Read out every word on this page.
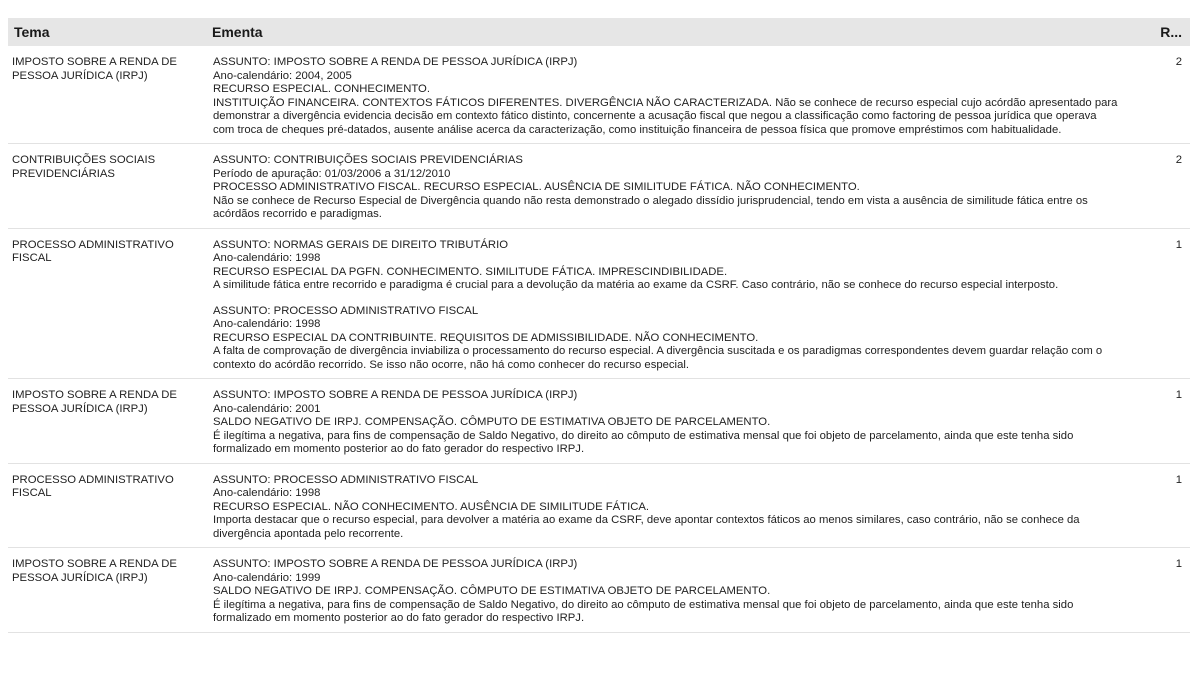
Tema	Ementa	R...
IMPOSTO SOBRE A RENDA DE PESSOA JURÍDICA (IRPJ)
ASSUNTO: IMPOSTO SOBRE A RENDA DE PESSOA JURÍDICA (IRPJ)
Ano-calendário: 2004, 2005
RECURSO ESPECIAL. CONHECIMENTO.
INSTITUIÇÃO FINANCEIRA. CONTEXTOS FÁTICOS DIFERENTES. DIVERGÊNCIA NÃO CARACTERIZADA. Não se conhece de recurso especial cujo acórdão apresentado para demonstrar a divergência evidencia decisão em contexto fático distinto, concernente a acusação fiscal que negou a classificação como factoring de pessoa jurídica que operava com troca de cheques pré-datados, ausente análise acerca da caracterização, como instituição financeira de pessoa física que promove empréstimos com habitualidade.
2
CONTRIBUIÇÕES SOCIAIS PREVIDENCIÁRIAS
ASSUNTO: CONTRIBUIÇÕES SOCIAIS PREVIDENCIÁRIAS
Período de apuração: 01/03/2006 a 31/12/2010
PROCESSO ADMINISTRATIVO FISCAL. RECURSO ESPECIAL. AUSÊNCIA DE SIMILITUDE FÁTICA. NÃO CONHECIMENTO.
Não se conhece de Recurso Especial de Divergência quando não resta demonstrado o alegado dissídio jurisprudencial, tendo em vista a ausência de similitude fática entre os acórdãos recorrido e paradigmas.
2
PROCESSO ADMINISTRATIVO FISCAL
ASSUNTO: NORMAS GERAIS DE DIREITO TRIBUTÁRIO
Ano-calendário: 1998
RECURSO ESPECIAL DA PGFN. CONHECIMENTO. SIMILITUDE FÁTICA. IMPRESCINDIBILIDADE.
A similitude fática entre recorrido e paradigma é crucial para a devolução da matéria ao exame da CSRF. Caso contrário, não se conhece do recurso especial interposto.
ASSUNTO: PROCESSO ADMINISTRATIVO FISCAL
Ano-calendário: 1998
RECURSO ESPECIAL DA CONTRIBUINTE. REQUISITOS DE ADMISSIBILIDADE. NÃO CONHECIMENTO.
A falta de comprovação de divergência inviabiliza o processamento do recurso especial. A divergência suscitada e os paradigmas correspondentes devem guardar relação com o contexto do acórdão recorrido. Se isso não ocorre, não há como conhecer do recurso especial.
1
IMPOSTO SOBRE A RENDA DE PESSOA JURÍDICA (IRPJ)
ASSUNTO: IMPOSTO SOBRE A RENDA DE PESSOA JURÍDICA (IRPJ)
Ano-calendário: 2001
SALDO NEGATIVO DE IRPJ. COMPENSAÇÃO. CÔMPUTO DE ESTIMATIVA OBJETO DE PARCELAMENTO.
É ilegítima a negativa, para fins de compensação de Saldo Negativo, do direito ao cômputo de estimativa mensal que foi objeto de parcelamento, ainda que este tenha sido formalizado em momento posterior ao do fato gerador do respectivo IRPJ.
1
PROCESSO ADMINISTRATIVO FISCAL
ASSUNTO: PROCESSO ADMINISTRATIVO FISCAL
Ano-calendário: 1998
RECURSO ESPECIAL. NÃO CONHECIMENTO. AUSÊNCIA DE SIMILITUDE FÁTICA.
Importa destacar que o recurso especial, para devolver a matéria ao exame da CSRF, deve apontar contextos fáticos ao menos similares, caso contrário, não se conhece da divergência apontada pelo recorrente.
1
IMPOSTO SOBRE A RENDA DE PESSOA JURÍDICA (IRPJ)
ASSUNTO: IMPOSTO SOBRE A RENDA DE PESSOA JURÍDICA (IRPJ)
Ano-calendário: 1999
SALDO NEGATIVO DE IRPJ. COMPENSAÇÃO. CÔMPUTO DE ESTIMATIVA OBJETO DE PARCELAMENTO.
É ilegítima a negativa, para fins de compensação de Saldo Negativo, do direito ao cômputo de estimativa mensal que foi objeto de parcelamento, ainda que este tenha sido formalizado em momento posterior ao do fato gerador do respectivo IRPJ.
1
